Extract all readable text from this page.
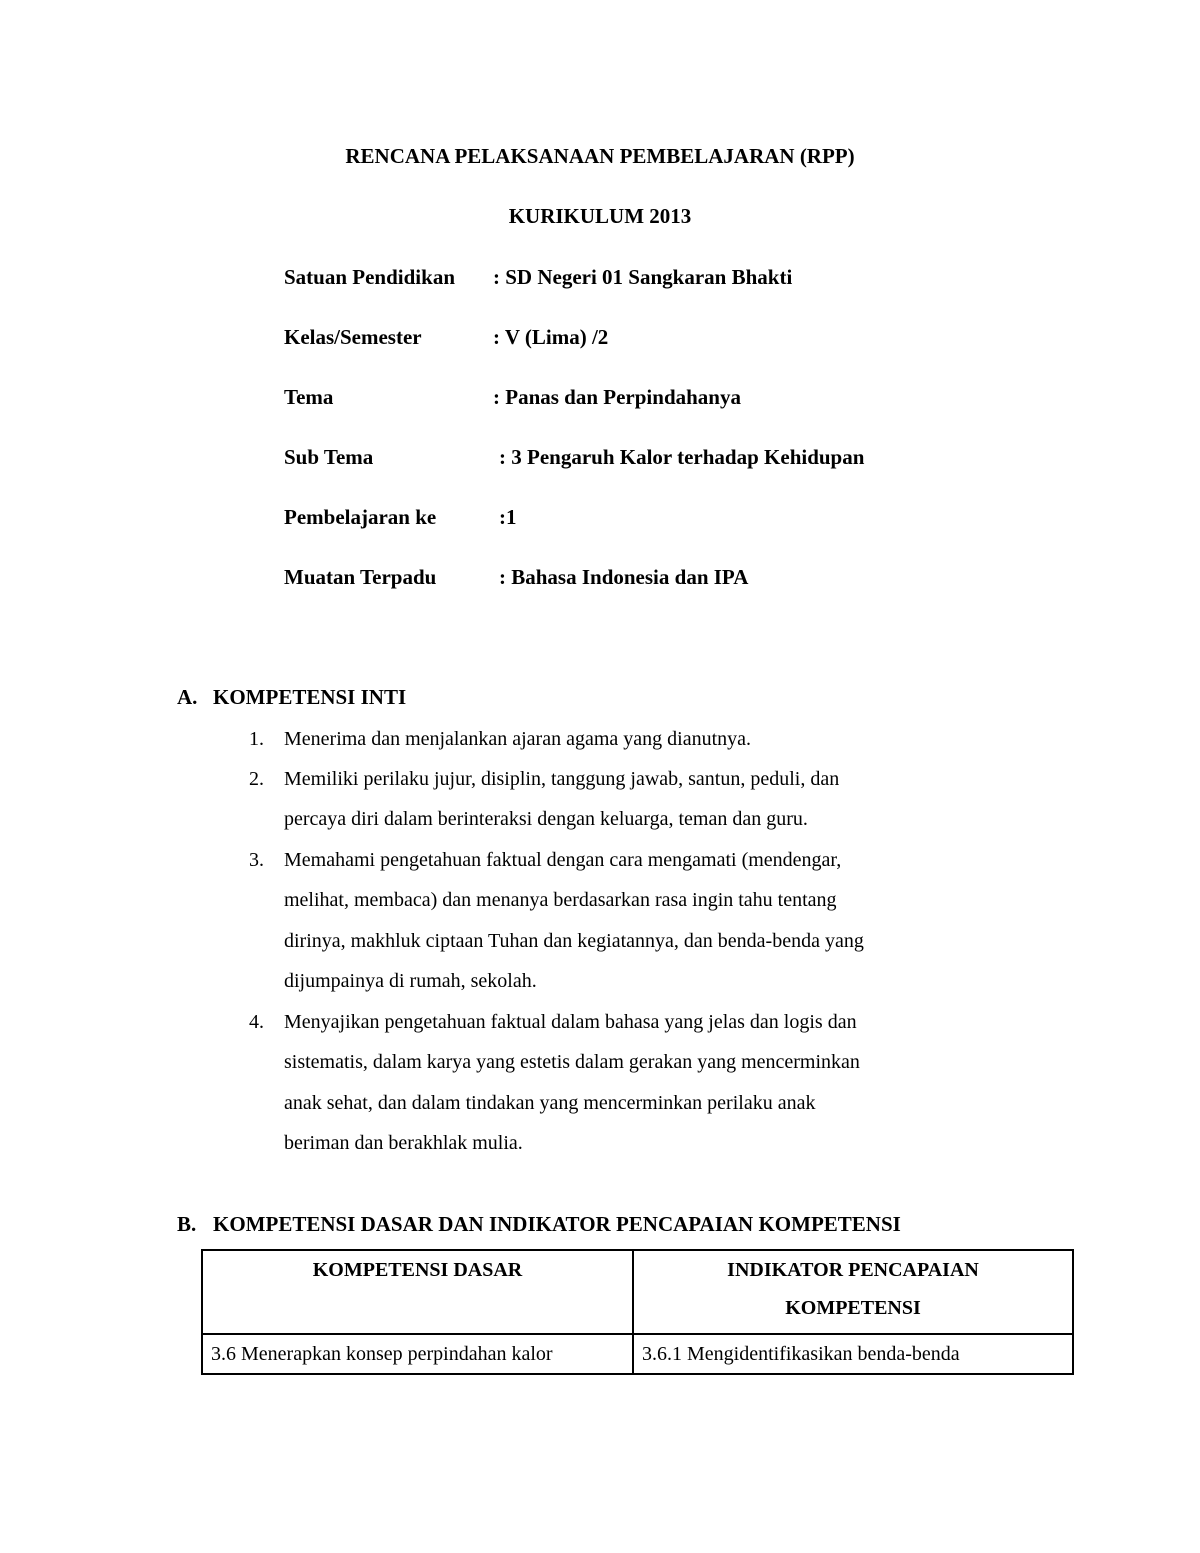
RENCANA PELAKSANAAN PEMBELAJARAN (RPP)
KURIKULUM 2013
Satuan Pendidikan : SD Negeri 01 Sangkaran Bhakti
Kelas/Semester	: V (Lima) /2
Tema	: Panas dan Perpindahanya
Sub Tema	: 3 Pengaruh Kalor terhadap Kehidupan
Pembelajaran ke	:1
Muatan Terpadu	: Bahasa Indonesia dan IPA
A. KOMPETENSI INTI
1. Menerima dan menjalankan ajaran agama yang dianutnya.
2. Memiliki perilaku jujur, disiplin, tanggung jawab, santun, peduli, dan
percaya diri dalam berinteraksi dengan keluarga, teman dan guru.
3. Memahami pengetahuan faktual dengan cara mengamati (mendengar,
melihat, membaca) dan menanya berdasarkan rasa ingin tahu tentang
dirinya, makhluk ciptaan Tuhan dan kegiatannya, dan benda-benda yang
dijumpainya di rumah, sekolah.
4. Menyajikan pengetahuan faktual dalam bahasa yang jelas dan logis dan
sistematis, dalam karya yang estetis dalam gerakan yang mencerminkan
anak sehat, dan dalam tindakan yang mencerminkan perilaku anak
beriman dan berakhlak mulia.
B. KOMPETENSI DASAR DAN INDIKATOR PENCAPAIAN KOMPETENSI
KOMPETENSI DASAR	INDIKATOR PENCAPAIAN
KOMPETENSI

3.6 Menerapkan konsep perpindahan kalor	3.6.1 Mengidentifikasikan benda-benda
